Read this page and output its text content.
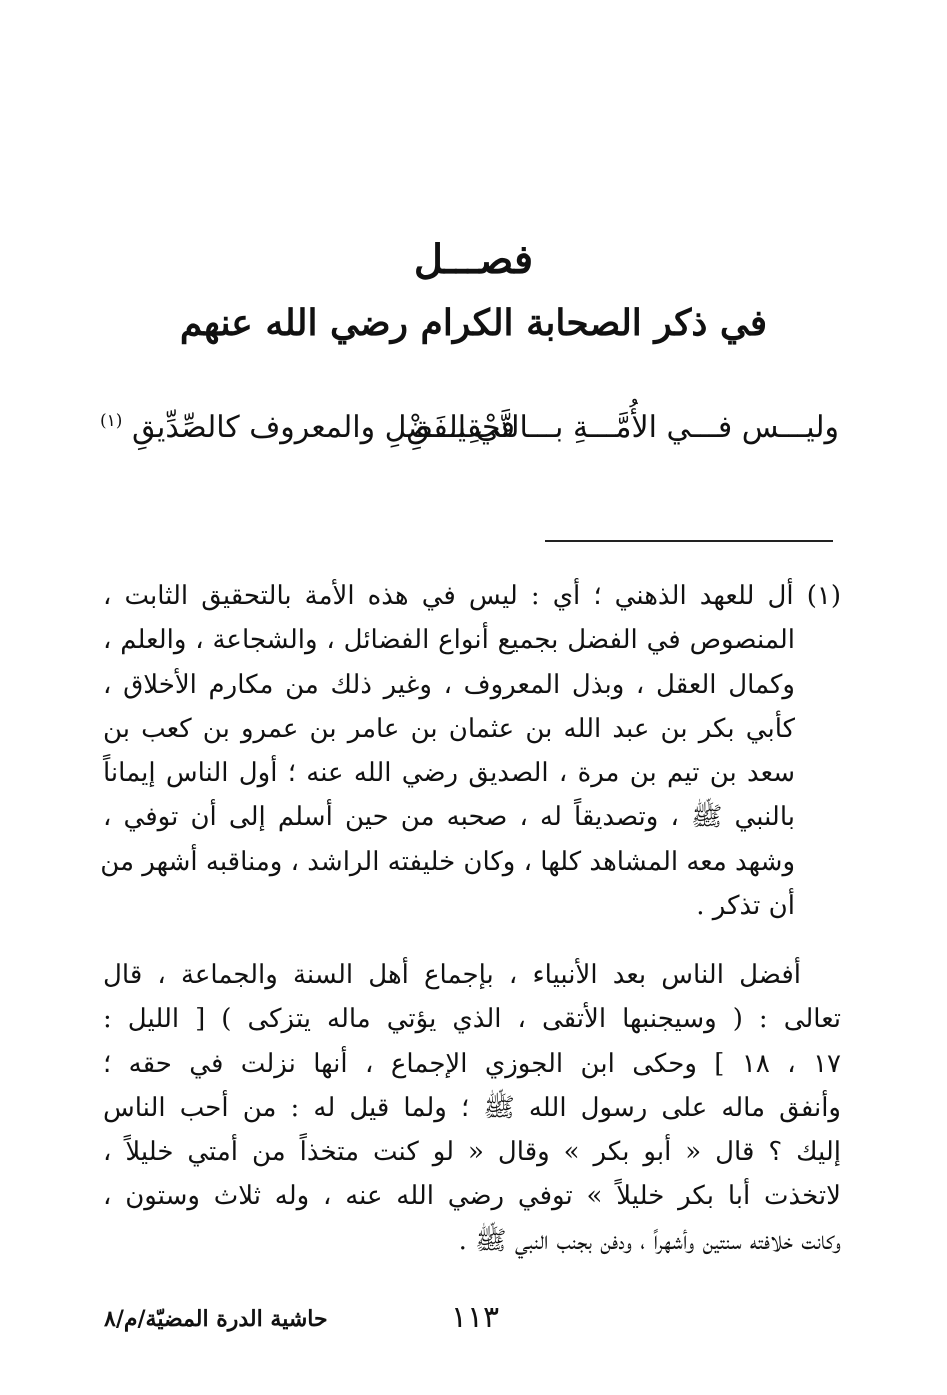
فصـــل
في ذكر الصحابة الكرام رضي الله عنهم
وليـــس فـــي الأُمَّـــةِ بـــالتَّحْقِيـــقِ
في الفَضْلِ والمعروف كالصِّدِّيقِ $^{(١)}$
(١) أل للعهد الذهني ؛ أي : ليس في هذه الأمة بالتحقيق الثابت ،
المنصوص في الفضل بجميع أنواع الفضائل ، والشجاعة ، والعلم ،
وكمال العقل ، وبذل المعروف ، وغير ذلك من مكارم الأخلاق ،
كأبي بكر بن عبد الله بن عثمان بن عامر بن عمرو بن كعب بن
سعد بن تيم بن مرة ، الصديق رضي الله عنه ؛ أول الناس إيماناً
بالنبي ﷺ ، وتصديقاً له ، صحبه من حين أسلم إلى أن توفي ،
وشهد معه المشاهد كلها ، وكان خليفته الراشد ، ومناقبه أشهر من
أن تذكر .
أفضل الناس بعد الأنبياء ، بإجماع أهل السنة والجماعة ، قال
تعالى : ( وسيجنبها الأتقى ، الذي يؤتي ماله يتزكى ) [ الليل :
١٧ ، ١٨ ] وحكى ابن الجوزي الإجماع ، أنها نزلت في حقه ؛
وأنفق ماله على رسول الله ﷺ ؛ ولما قيل له : من أحب الناس
إليك ؟ قال « أبو بكر » وقال « لو كنت متخذاً من أمتي خليلاً ،
لاتخذت أبا بكر خليلاً » توفي رضي الله عنه ، وله ثلاث وستون ،
وكانت خلافته سنتين وأشهراً ، ودفن بجنب النبي ﷺ .
١١٣
حاشية الدرة المضيّة/م/٨
